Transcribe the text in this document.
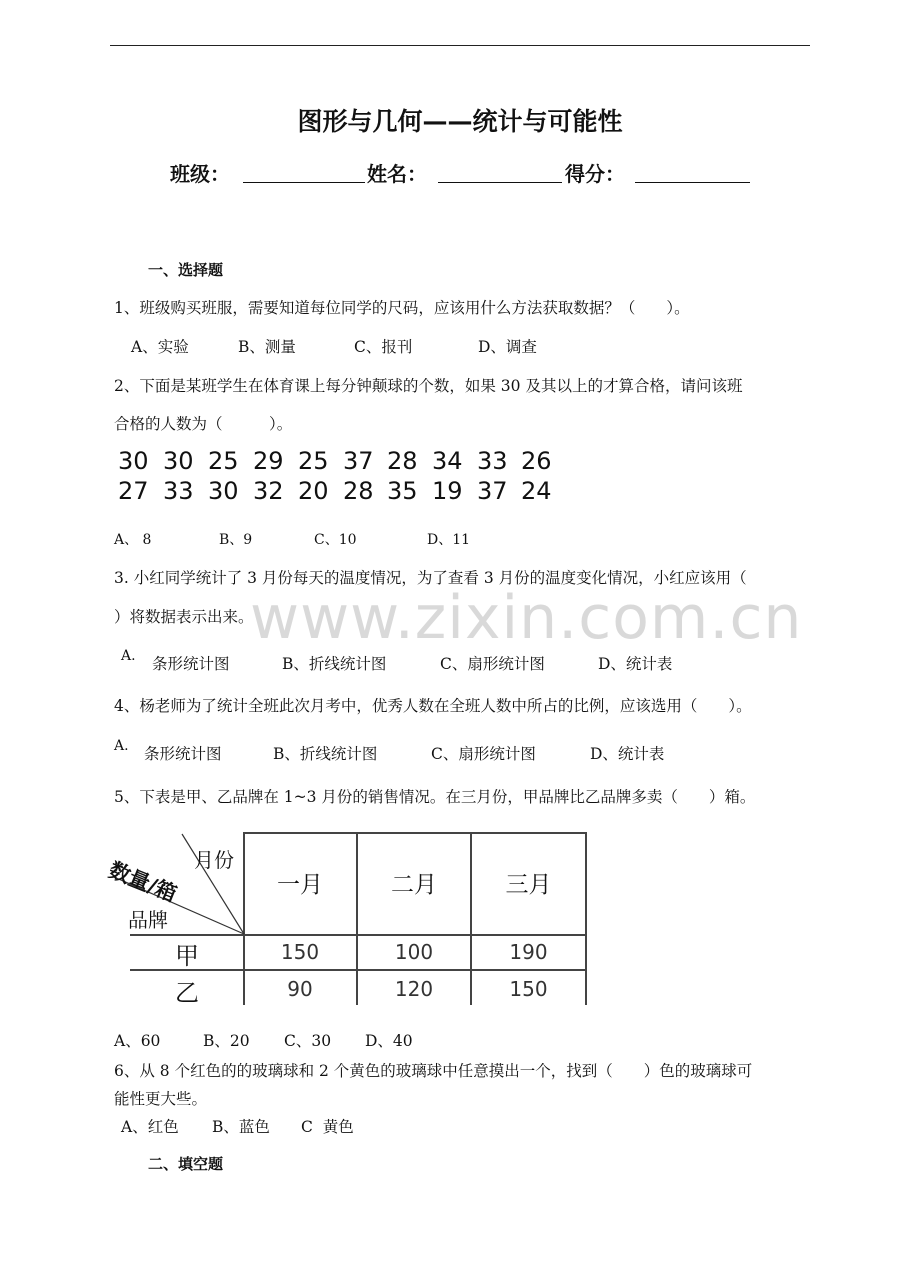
图形与几何——统计与可能性
班级：	姓名：	得分：
一、选择题
1、班级购买班服，需要知道每位同学的尺码，应该用什么方法获取数据？（　　）。
A、实验	B、测量	C、报刊	D、调查
2、下面是某班学生在体育课上每分钟颠球的个数，如果 30 及其以上的才算合格，请问该班
合格的人数为（　　　）。
30 30 25 29 25 37 28 34 33 26
27 33 30 32 20 28 35 19 37 24
A、 8	B、9	C、10	D、11
3. 小红同学统计了 3 月份每天的温度情况，为了查看 3 月份的温度变化情况，小红应该用（
）将数据表示出来。
www.zixin.com.cn
A. 条形统计图	B、折线统计图	C、扇形统计图	D、统计表
4、杨老师为了统计全班此次月考中，优秀人数在全班人数中所占的比例，应该选用（　　）。
A. 条形统计图	B、折线统计图	C、扇形统计图	D、统计表
5、下表是甲、乙品牌在 1~3 月份的销售情况。在三月份，甲品牌比乙品牌多卖（　　）箱。
月份
数量/箱
品牌
一月	二月	三月
甲	150	100	190
乙	90	120	150
A、60	B、20 C、30 D、40
6、从 8 个红色的的玻璃球和 2 个黄色的玻璃球中任意摸出一个，找到（　　）色的玻璃球可
能性更大些。
A、红色 B、蓝色 C  黄色
二、填空题
